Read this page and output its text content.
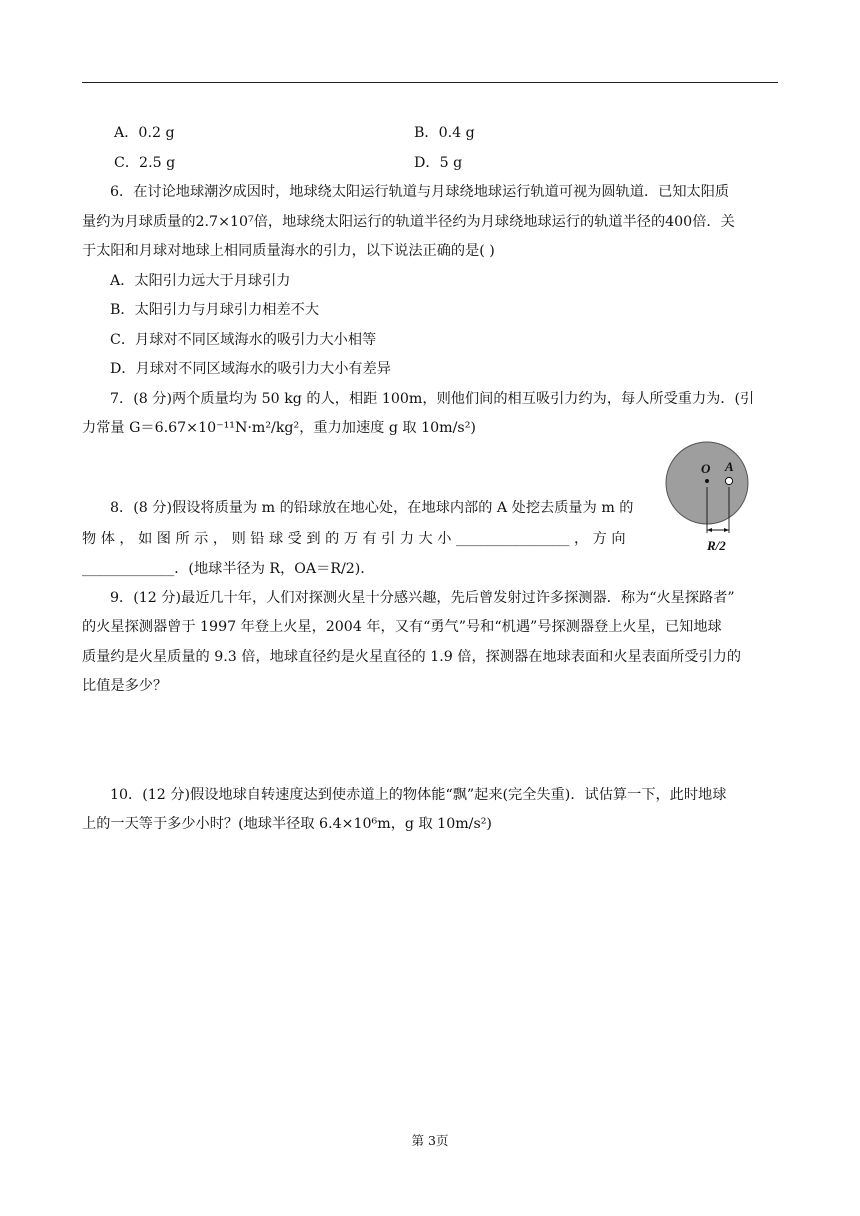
A．0.2 g	B．0.4 g
C．2.5 g	D．5 g
6．在讨论地球潮汐成因时，地球绕太阳运行轨道与月球绕地球运行轨道可视为圆轨道．已知太阳质
量约为月球质量的2.7×10⁷倍，地球绕太阳运行的轨道半径约为月球绕地球运行的轨道半径的400倍．关
于太阳和月球对地球上相同质量海水的引力，以下说法正确的是( )
A．太阳引力远大于月球引力
B．太阳引力与月球引力相差不大
C．月球对不同区域海水的吸引力大小相等
D．月球对不同区域海水的吸引力大小有差异
7．(8 分)两个质量均为 50 kg 的人，相距 100m，则他们间的相互吸引力约为，每人所受重力为．(引
力常量 G＝6.67×10⁻¹¹N·m²/kg²，重力加速度 g 取 10m/s²)
8．(8 分)假设将质量为 m 的铅球放在地心处，在地球内部的 A 处挖去质量为 m 的
物 体 ， 如 图 所 示 ， 则 铅 球 受 到 的 万 有 引 力 大 小 ________________ ， 方 向
_____________．(地球半径为 R，OA＝R/2)．
O A
R/2
9．(12 分)最近几十年，人们对探测火星十分感兴趣，先后曾发射过许多探测器．称为“火星探路者”
的火星探测器曾于 1997 年登上火星，2004 年，又有“勇气”号和“机遇”号探测器登上火星，已知地球
质量约是火星质量的 9.3 倍，地球直径约是火星直径的 1.9 倍，探测器在地球表面和火星表面所受引力的
比值是多少？
10．(12 分)假设地球自转速度达到使赤道上的物体能“飘”起来(完全失重)．试估算一下，此时地球
上的一天等于多少小时？(地球半径取 6.4×10⁶m，g 取 10m/s²)
第 3页
